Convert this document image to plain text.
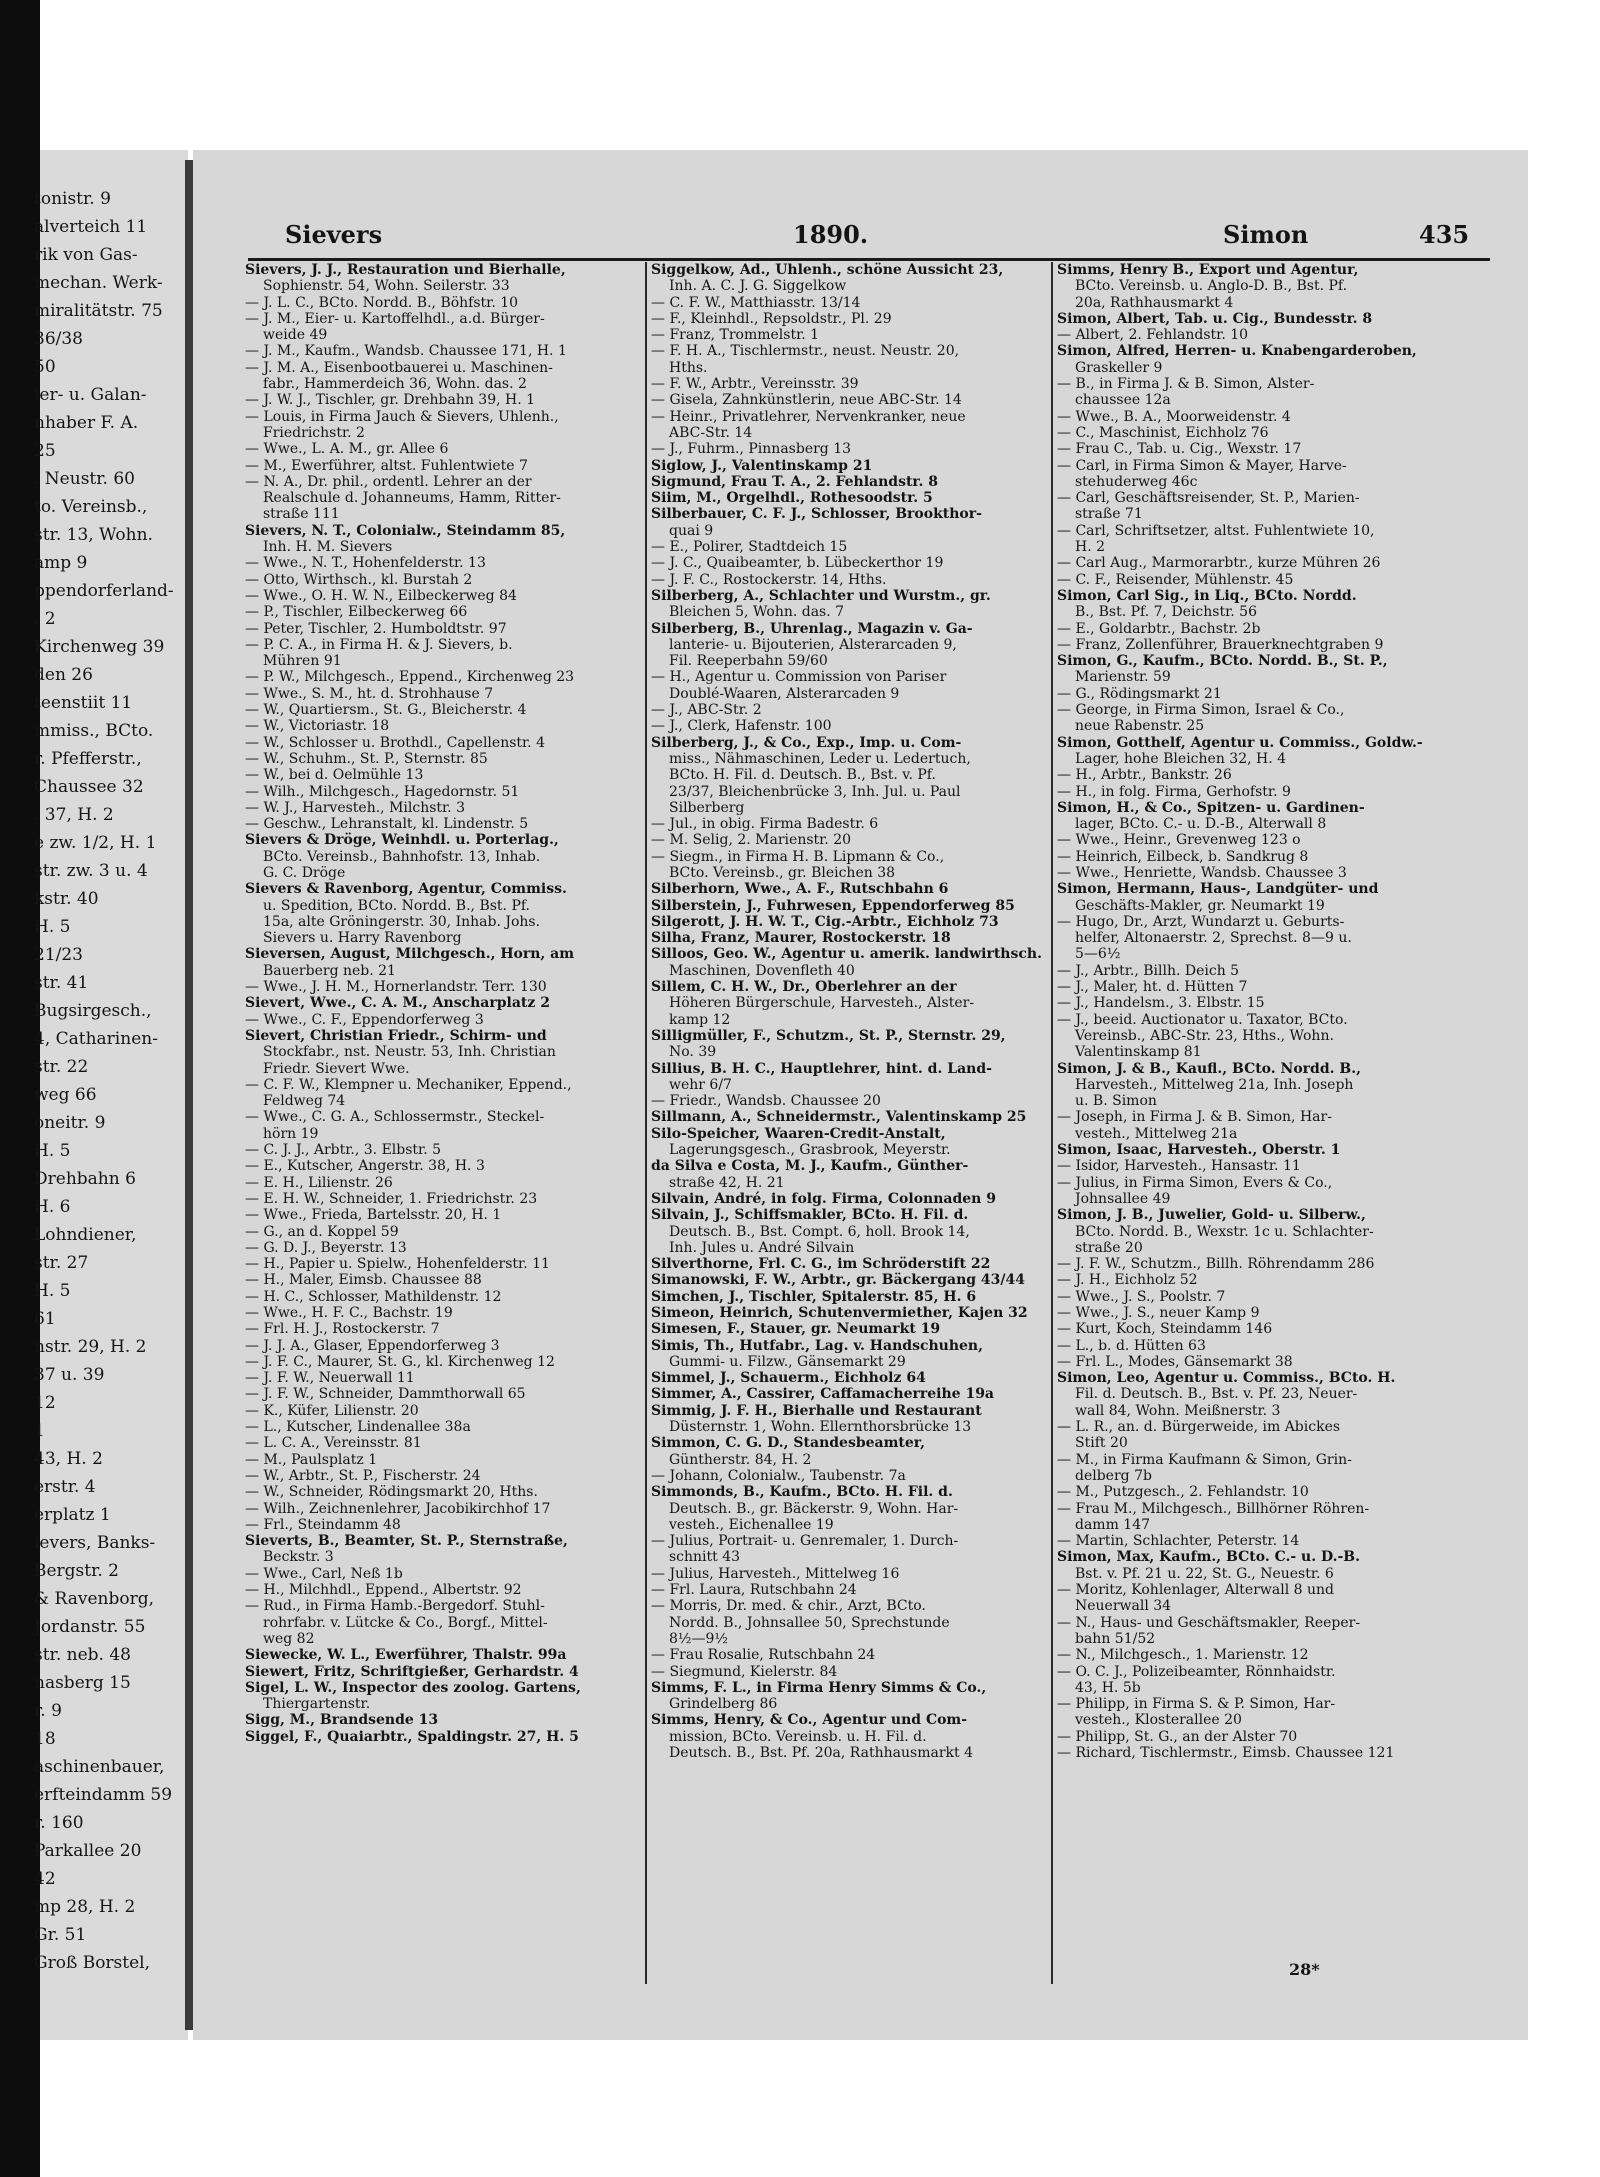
tonistr. 9
alverteich 11
rik von Gas-
mechan. Werk-
miralitätstr. 75
36/38
50
ier- u. Galan-
nhaber F. A.
25
. Neustr. 60
to. Vereinsb.,
str. 13, Wohn.
amp 9
ppendorferland-
. 2
Kirchenweg 39
den 26
teenstiit 11
mmiss., BCto.
r. Pfefferstr.,
Chaussee 32
. 37, H. 2
e zw. 1/2, H. 1
str. zw. 3 u. 4
kstr. 40
H. 5
21/23
str. 41
Bugsirgesch.,
4, Catharinen-
str. 22
weg 66
oneitr. 9
H. 5
Drehbahn 6
H. 6
Lohndiener,
str. 27
H. 5
61
nstr. 29, H. 2
37 u. 39
12
1
43, H. 2
erstr. 4
erplatz 1
ievers, Banks-
Bergstr. 2
& Ravenborg,
Jordanstr. 55
str. neb. 48
nasberg 15
r. 9
18
aschinenbauer,
erfteindamm 59
r. 160
Parkallee 20
42
mp 28, H. 2
Gr. 51
Groß Borstel,
Sievers	1890.	Simon	435
Sievers, J. J., Restauration und Bierhalle,
Sophienstr. 54, Wohn. Seilerstr. 33
— J. L. C., BCto. Nordd. B., Böhfstr. 10
— J. M., Eier- u. Kartoffelhdl., a.d. Bürger-
weide 49
— J. M., Kaufm., Wandsb. Chaussee 171, H. 1
— J. M. A., Eisenbootbauerei u. Maschinen-
fabr., Hammerdeich 36, Wohn. das. 2
— J. W. J., Tischler, gr. Drehbahn 39, H. 1
— Louis, in Firma Jauch & Sievers, Uhlenh.,
Friedrichstr. 2
— Wwe., L. A. M., gr. Allee 6
— M., Ewerführer, altst. Fuhlentwiete 7
— N. A., Dr. phil., ordentl. Lehrer an der
Realschule d. Johanneums, Hamm, Ritter-
straße 111
Sievers, N. T., Colonialw., Steindamm 85,
Inh. H. M. Sievers
— Wwe., N. T., Hohenfelderstr. 13
— Otto, Wirthsch., kl. Burstah 2
— Wwe., O. H. W. N., Eilbeckerweg 84
— P., Tischler, Eilbeckerweg 66
— Peter, Tischler, 2. Humboldtstr. 97
— P. C. A., in Firma H. & J. Sievers, b.
Mühren 91
— P. W., Milchgesch., Eppend., Kirchenweg 23
— Wwe., S. M., ht. d. Strohhause 7
— W., Quartiersm., St. G., Bleicherstr. 4
— W., Victoriastr. 18
— W., Schlosser u. Brothdl., Capellenstr. 4
— W., Schuhm., St. P., Sternstr. 85
— W., bei d. Oelmühle 13
— Wilh., Milchgesch., Hagedornstr. 51
— W. J., Harvesteh., Milchstr. 3
— Geschw., Lehranstalt, kl. Lindenstr. 5
Sievers & Dröge, Weinhdl. u. Porterlag.,
BCto. Vereinsb., Bahnhofstr. 13, Inhab.
G. C. Dröge
Sievers & Ravenborg, Agentur, Commiss.
u. Spedition, BCto. Nordd. B., Bst. Pf.
15a, alte Gröningerstr. 30, Inhab. Johs.
Sievers u. Harry Ravenborg
Sieversen, August, Milchgesch., Horn, am
Bauerberg neb. 21
— Wwe., J. H. M., Hornerlandstr. Terr. 130
Sievert, Wwe., C. A. M., Anscharplatz 2
— Wwe., C. F., Eppendorferweg 3
Sievert, Christian Friedr., Schirm- und
Stockfabr., nst. Neustr. 53, Inh. Christian
Friedr. Sievert Wwe.
— C. F. W., Klempner u. Mechaniker, Eppend.,
Feldweg 74
— Wwe., C. G. A., Schlossermstr., Steckel-
hörn 19
— C. J. J., Arbtr., 3. Elbstr. 5
— E., Kutscher, Angerstr. 38, H. 3
— E. H., Lilienstr. 26
— E. H. W., Schneider, 1. Friedrichstr. 23
— Wwe., Frieda, Bartelsstr. 20, H. 1
— G., an d. Koppel 59
— G. D. J., Beyerstr. 13
— H., Papier u. Spielw., Hohenfelderstr. 11
— H., Maler, Eimsb. Chaussee 88
— H. C., Schlosser, Mathildenstr. 12
— Wwe., H. F. C., Bachstr. 19
— Frl. H. J., Rostockerstr. 7
— J. J. A., Glaser, Eppendorferweg 3
— J. F. C., Maurer, St. G., kl. Kirchenweg 12
— J. F. W., Neuerwall 11
— J. F. W., Schneider, Dammthorwall 65
— K., Küfer, Lilienstr. 20
— L., Kutscher, Lindenallee 38a
— L. C. A., Vereinsstr. 81
— M., Paulsplatz 1
— W., Arbtr., St. P., Fischerstr. 24
— W., Schneider, Rödingsmarkt 20, Hths.
— Wilh., Zeichnenlehrer, Jacobikirchhof 17
— Frl., Steindamm 48
Sieverts, B., Beamter, St. P., Sternstraße,
Beckstr. 3
— Wwe., Carl, Neß 1b
— H., Milchhdl., Eppend., Albertstr. 92
— Rud., in Firma Hamb.-Bergedorf. Stuhl-
rohrfabr. v. Lütcke & Co., Borgf., Mittel-
weg 82
Siewecke, W. L., Ewerführer, Thalstr. 99a
Siewert, Fritz, Schriftgießer, Gerhardstr. 4
Sigel, L. W., Inspector des zoolog. Gartens,
Thiergartenstr.
Sigg, M., Brandsende 13
Siggel, F., Quaiarbtr., Spaldingstr. 27, H. 5
Siggelkow, Ad., Uhlenh., schöne Aussicht 23,
Inh. A. C. J. G. Siggelkow
— C. F. W., Matthiasstr. 13/14
— F., Kleinhdl., Repsoldstr., Pl. 29
— Franz, Trommelstr. 1
— F. H. A., Tischlermstr., neust. Neustr. 20,
Hths.
— F. W., Arbtr., Vereinsstr. 39
— Gisela, Zahnkünstlerin, neue ABC-Str. 14
— Heinr., Privatlehrer, Nervenkranker, neue
ABC-Str. 14
— J., Fuhrm., Pinnasberg 13
Siglow, J., Valentinskamp 21
Sigmund, Frau T. A., 2. Fehlandstr. 8
Siim, M., Orgelhdl., Rothesoodstr. 5
Silberbauer, C. F. J., Schlosser, Brookthor-
quai 9
— E., Polirer, Stadtdeich 15
— J. C., Quaibeamter, b. Lübeckerthor 19
— J. F. C., Rostockerstr. 14, Hths.
Silberberg, A., Schlachter und Wurstm., gr.
Bleichen 5, Wohn. das. 7
Silberberg, B., Uhrenlag., Magazin v. Ga-
lanterie- u. Bijouterien, Alsterarcaden 9,
Fil. Reeperbahn 59/60
— H., Agentur u. Commission von Pariser
Doublé-Waaren, Alsterarcaden 9
— J., ABC-Str. 2
— J., Clerk, Hafenstr. 100
Silberberg, J., & Co., Exp., Imp. u. Com-
miss., Nähmaschinen, Leder u. Ledertuch,
BCto. H. Fil. d. Deutsch. B., Bst. v. Pf.
23/37, Bleichenbrücke 3, Inh. Jul. u. Paul
Silberberg
— Jul., in obig. Firma Badestr. 6
— M. Selig, 2. Marienstr. 20
— Siegm., in Firma H. B. Lipmann & Co.,
BCto. Vereinsb., gr. Bleichen 38
Silberhorn, Wwe., A. F., Rutschbahn 6
Silberstein, J., Fuhrwesen, Eppendorferweg 85
Silgerott, J. H. W. T., Cig.-Arbtr., Eichholz 73
Silha, Franz, Maurer, Rostockerstr. 18
Silloos, Geo. W., Agentur u. amerik. landwirthsch.
Maschinen, Dovenfleth 40
Sillem, C. H. W., Dr., Oberlehrer an der
Höheren Bürgerschule, Harvesteh., Alster-
kamp 12
Silligmüller, F., Schutzm., St. P., Sternstr. 29,
No. 39
Sillius, B. H. C., Hauptlehrer, hint. d. Land-
wehr 6/7
— Friedr., Wandsb. Chaussee 20
Sillmann, A., Schneidermstr., Valentinskamp 25
Silo-Speicher, Waaren-Credit-Anstalt,
Lagerungsgesch., Grasbrook, Meyerstr.
da Silva e Costa, M. J., Kaufm., Günther-
straße 42, H. 21
Silvain, André, in folg. Firma, Colonnaden 9
Silvain, J., Schiffsmakler, BCto. H. Fil. d.
Deutsch. B., Bst. Compt. 6, holl. Brook 14,
Inh. Jules u. André Silvain
Silverthorne, Frl. C. G., im Schröderstift 22
Simanowski, F. W., Arbtr., gr. Bäckergang 43/44
Simchen, J., Tischler, Spitalerstr. 85, H. 6
Simeon, Heinrich, Schutenvermiether, Kajen 32
Simesen, F., Stauer, gr. Neumarkt 19
Simis, Th., Hutfabr., Lag. v. Handschuhen,
Gummi- u. Filzw., Gänsemarkt 29
Simmel, J., Schauerm., Eichholz 64
Simmer, A., Cassirer, Caffamacherreihe 19a
Simmig, J. F. H., Bierhalle und Restaurant
Düsternstr. 1, Wohn. Ellernthorsbrücke 13
Simmon, C. G. D., Standesbeamter,
Güntherstr. 84, H. 2
— Johann, Colonialw., Taubenstr. 7a
Simmonds, B., Kaufm., BCto. H. Fil. d.
Deutsch. B., gr. Bäckerstr. 9, Wohn. Har-
vesteh., Eichenallee 19
— Julius, Portrait- u. Genremaler, 1. Durch-
schnitt 43
— Julius, Harvesteh., Mittelweg 16
— Frl. Laura, Rutschbahn 24
— Morris, Dr. med. & chir., Arzt, BCto.
Nordd. B., Johnsallee 50, Sprechstunde
8½—9½
— Frau Rosalie, Rutschbahn 24
— Siegmund, Kielerstr. 84
Simms, F. L., in Firma Henry Simms & Co.,
Grindelberg 86
Simms, Henry, & Co., Agentur und Com-
mission, BCto. Vereinsb. u. H. Fil. d.
Deutsch. B., Bst. Pf. 20a, Rathhausmarkt 4
Simms, Henry B., Export und Agentur,
BCto. Vereinsb. u. Anglo-D. B., Bst. Pf.
20a, Rathhausmarkt 4
Simon, Albert, Tab. u. Cig., Bundesstr. 8
— Albert, 2. Fehlandstr. 10
Simon, Alfred, Herren- u. Knabengarderoben,
Graskeller 9
— B., in Firma J. & B. Simon, Alster-
chaussee 12a
— Wwe., B. A., Moorweidenstr. 4
— C., Maschinist, Eichholz 76
— Frau C., Tab. u. Cig., Wexstr. 17
— Carl, in Firma Simon & Mayer, Harve-
stehuderweg 46c
— Carl, Geschäftsreisender, St. P., Marien-
straße 71
— Carl, Schriftsetzer, altst. Fuhlentwiete 10,
H. 2
— Carl Aug., Marmorarbtr., kurze Mühren 26
— C. F., Reisender, Mühlenstr. 45
Simon, Carl Sig., in Liq., BCto. Nordd.
B., Bst. Pf. 7, Deichstr. 56
— E., Goldarbtr., Bachstr. 2b
— Franz, Zollenführer, Brauerknechtgraben 9
Simon, G., Kaufm., BCto. Nordd. B., St. P.,
Marienstr. 59
— G., Rödingsmarkt 21
— George, in Firma Simon, Israel & Co.,
neue Rabenstr. 25
Simon, Gotthelf, Agentur u. Commiss., Goldw.-
Lager, hohe Bleichen 32, H. 4
— H., Arbtr., Bankstr. 26
— H., in folg. Firma, Gerhofstr. 9
Simon, H., & Co., Spitzen- u. Gardinen-
lager, BCto. C.- u. D.-B., Alterwall 8
— Wwe., Heinr., Grevenweg 123 o
— Heinrich, Eilbeck, b. Sandkrug 8
— Wwe., Henriette, Wandsb. Chaussee 3
Simon, Hermann, Haus-, Landgüter- und
Geschäfts-Makler, gr. Neumarkt 19
— Hugo, Dr., Arzt, Wundarzt u. Geburts-
helfer, Altonaerstr. 2, Sprechst. 8—9 u.
5—6½
— J., Arbtr., Billh. Deich 5
— J., Maler, ht. d. Hütten 7
— J., Handelsm., 3. Elbstr. 15
— J., beeid. Auctionator u. Taxator, BCto.
Vereinsb., ABC-Str. 23, Hths., Wohn.
Valentinskamp 81
Simon, J. & B., Kaufl., BCto. Nordd. B.,
Harvesteh., Mittelweg 21a, Inh. Joseph
u. B. Simon
— Joseph, in Firma J. & B. Simon, Har-
vesteh., Mittelweg 21a
Simon, Isaac, Harvesteh., Oberstr. 1
— Isidor, Harvesteh., Hansastr. 11
— Julius, in Firma Simon, Evers & Co.,
Johnsallee 49
Simon, J. B., Juwelier, Gold- u. Silberw.,
BCto. Nordd. B., Wexstr. 1c u. Schlachter-
straße 20
— J. F. W., Schutzm., Billh. Röhrendamm 286
— J. H., Eichholz 52
— Wwe., J. S., Poolstr. 7
— Wwe., J. S., neuer Kamp 9
— Kurt, Koch, Steindamm 146
— L., b. d. Hütten 63
— Frl. L., Modes, Gänsemarkt 38
Simon, Leo, Agentur u. Commiss., BCto. H.
Fil. d. Deutsch. B., Bst. v. Pf. 23, Neuer-
wall 84, Wohn. Meißnerstr. 3
— L. R., an. d. Bürgerweide, im Abickes
Stift 20
— M., in Firma Kaufmann & Simon, Grin-
delberg 7b
— M., Putzgesch., 2. Fehlandstr. 10
— Frau M., Milchgesch., Billhörner Röhren-
damm 147
— Martin, Schlachter, Peterstr. 14
Simon, Max, Kaufm., BCto. C.- u. D.-B.
Bst. v. Pf. 21 u. 22, St. G., Neuestr. 6
— Moritz, Kohlenlager, Alterwall 8 und
Neuerwall 34
— N., Haus- und Geschäftsmakler, Reeper-
bahn 51/52
— N., Milchgesch., 1. Marienstr. 12
— O. C. J., Polizeibeamter, Rönnhaidstr.
43, H. 5b
— Philipp, in Firma S. & P. Simon, Har-
vesteh., Klosterallee 20
— Philipp, St. G., an der Alster 70
— Richard, Tischlermstr., Eimsb. Chaussee 121
28*
